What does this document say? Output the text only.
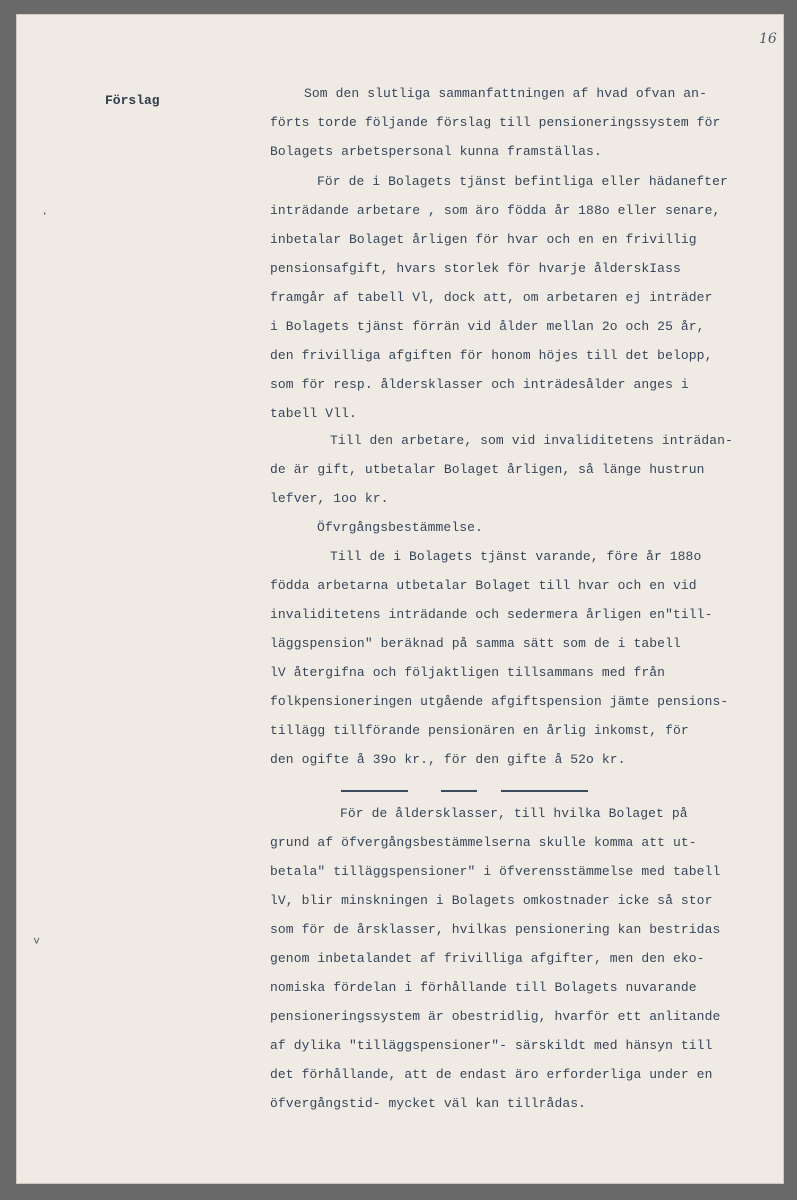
16
Förslag	Som den slutliga sammanfattningen af hvad ofvan an-
förts torde följande förslag till pensioneringssystem för
Bolagets arbetspersonal kunna framställas.
För de i Bolagets tjänst befintliga eller hädanefter
inträdande arbetare , som äro födda år 188o eller senare,
inbetalar Bolaget årligen för hvar och en en frivillig
pensionsafgift, hvars storlek för hvarje ålderskIass
framgår af tabell Vl, dock att, om arbetaren ej inträder
i Bolagets tjänst förrän vid ålder mellan 2o och 25 år,
den frivilliga afgiften för honom höjes till det belopp,
som för resp. åldersklasser och inträdesålder anges i
tabell Vll.
Till den arbetare, som vid invaliditetens inträdan-
de är gift, utbetalar Bolaget årligen, så länge hustrun
lefver, 1oo kr.
Öfvrgångsbestämmelse.
Till de i Bolagets tjänst varande, före år 188o
födda arbetarna utbetalar Bolaget till hvar och en vid
invaliditetens inträdande och sedermera årligen en"till-
läggspension" beräknad på samma sätt som de i tabell
lV återgifna och följaktligen tillsammans med från
folkpensioneringen utgående afgiftspension jämte pensions-
tillägg tillförande pensionären en årlig inkomst, för
den ogifte å 39o kr., för den gifte å 52o kr.
För de åldersklasser, till hvilka Bolaget på
grund af öfvergångsbestämmelserna skulle komma att ut-
betala" tilläggspensioner" i öfverensstämmelse med tabell
lV, blir minskningen i Bolagets omkostnader icke så stor
som för de årsklasser, hvilkas pensionering kan bestridas
genom inbetalandet af frivilliga afgifter, men den eko-
nomiska fördelan i förhållande till Bolagets nuvarande
pensioneringssystem är obestridlig, hvarför ett anlitande
af dylika "tilläggspensioner"- särskildt med hänsyn till
det förhållande, att de endast äro erforderliga under en
öfvergångstid- mycket väl kan tillrådas.
·
˅
